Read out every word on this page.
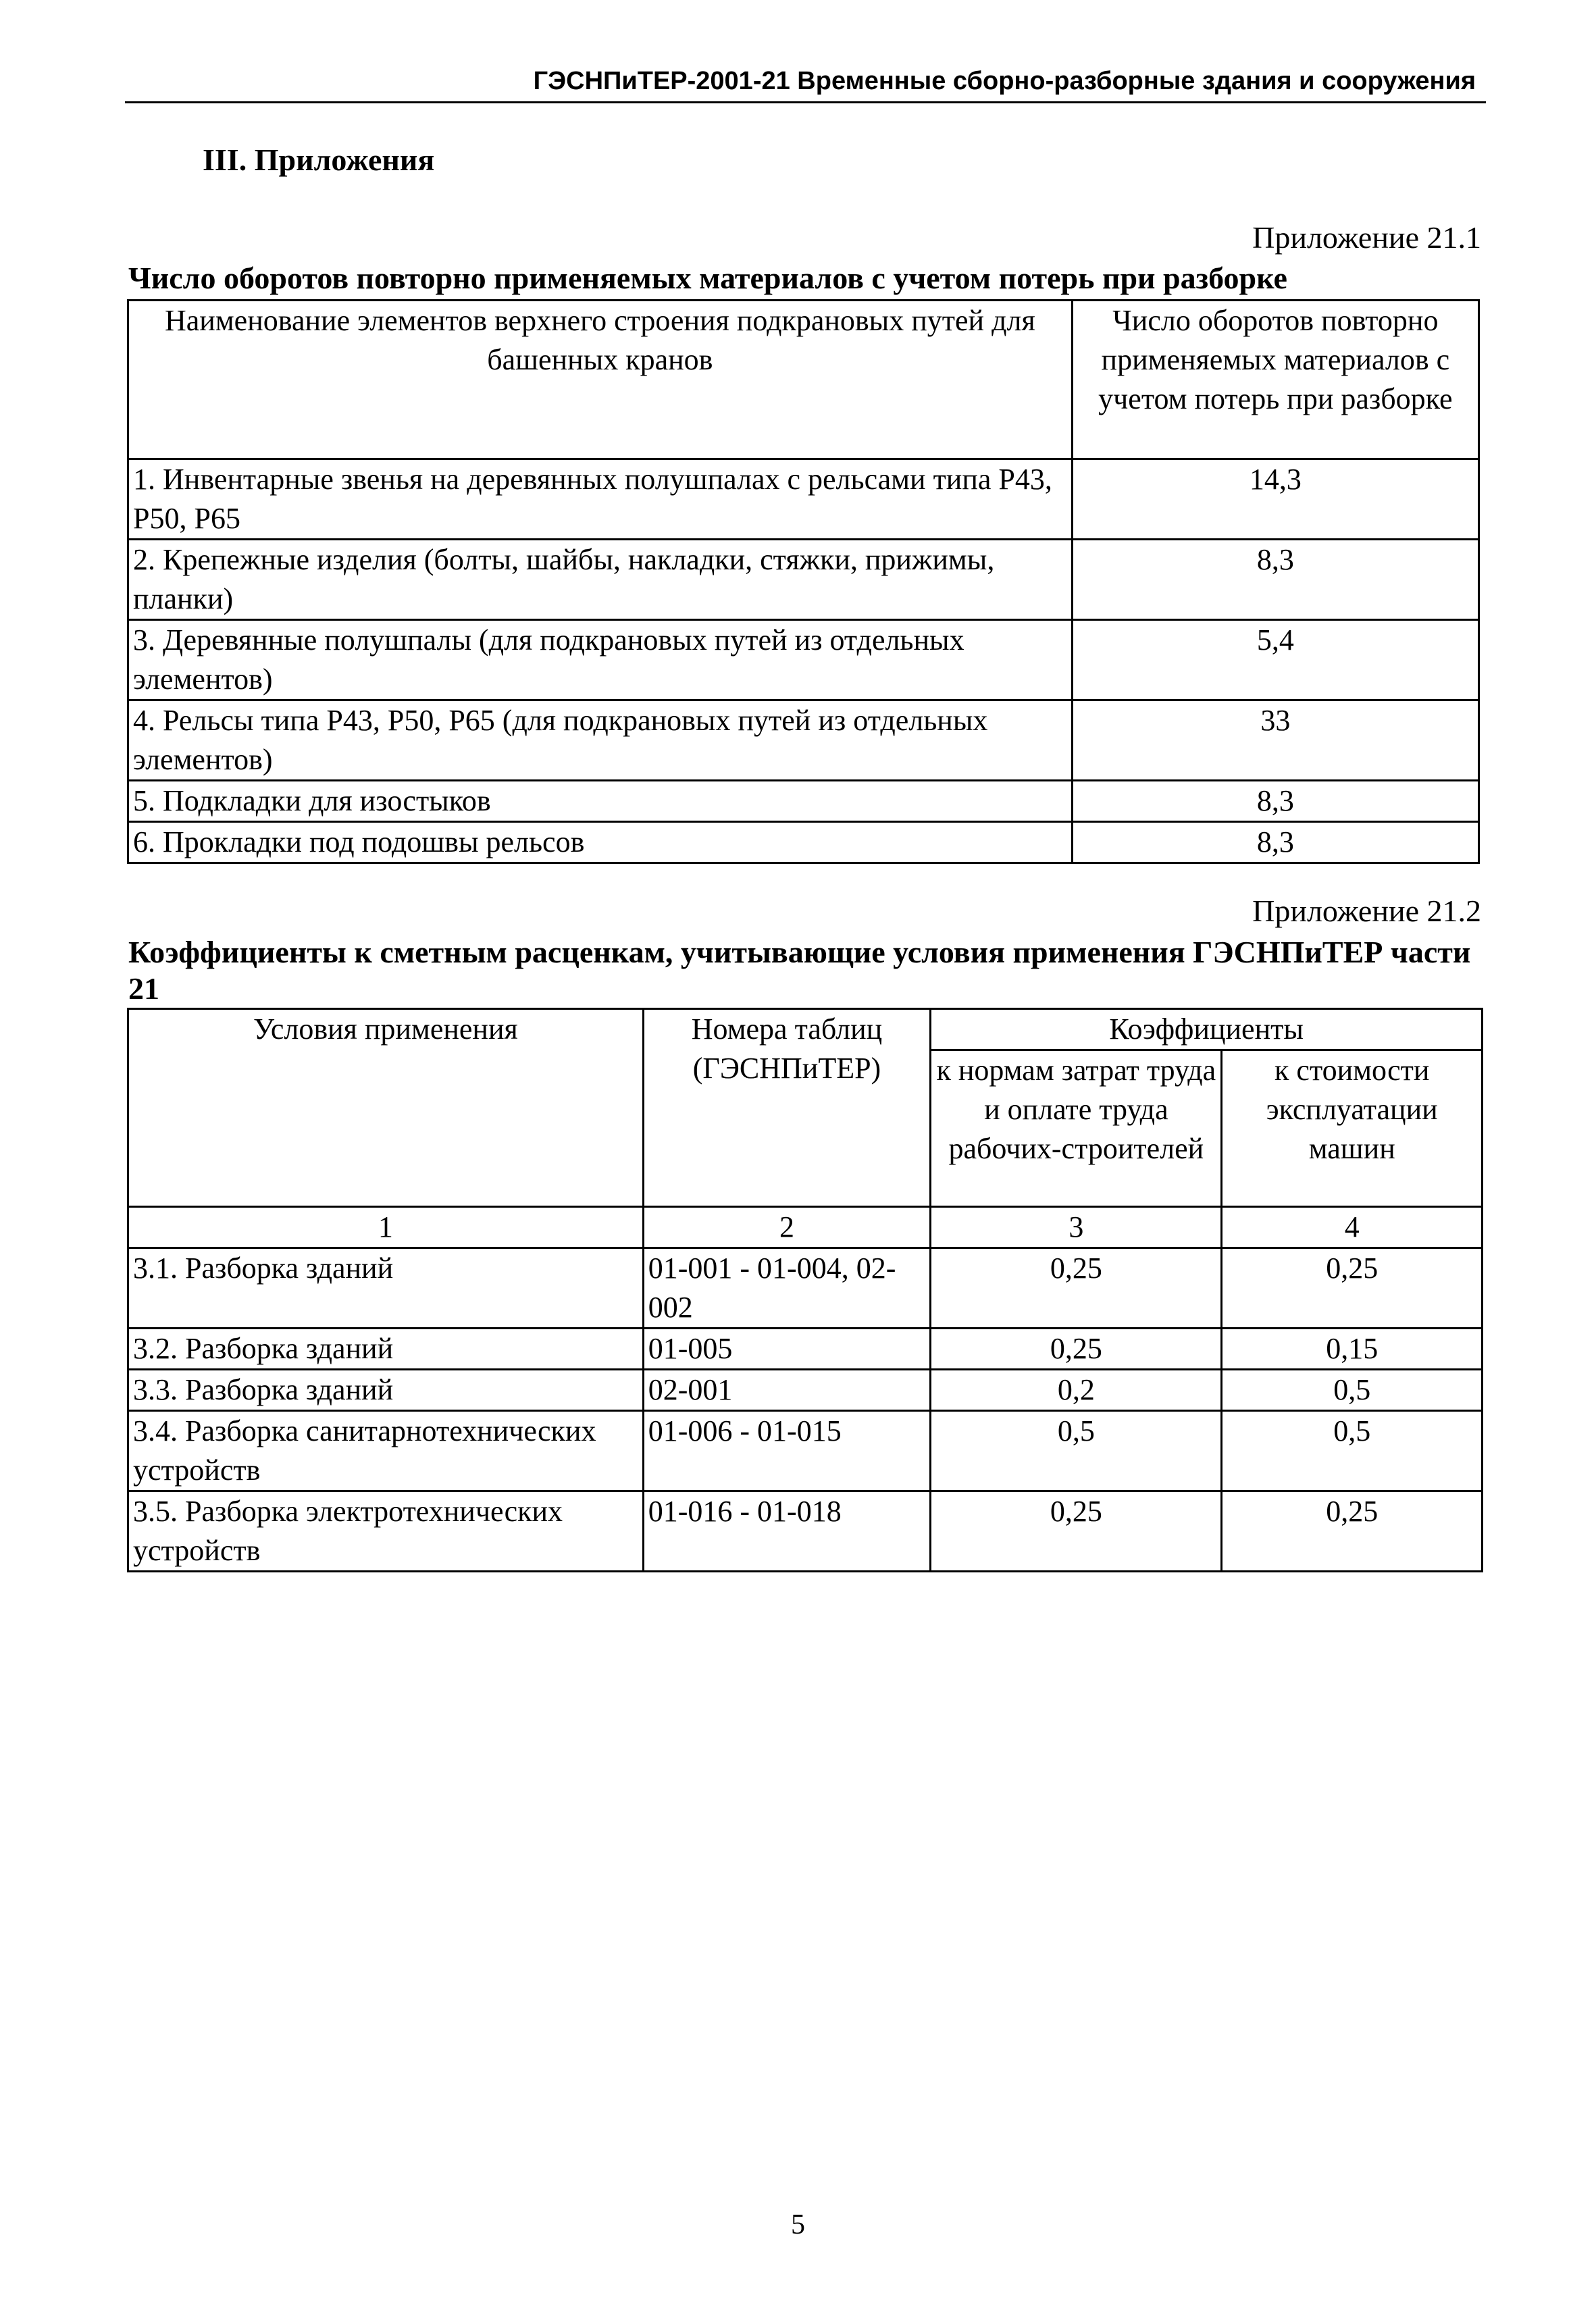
ГЭСНПиТЕР-2001-21 Временные сборно-разборные здания и сооружения
III. Приложения
Приложение 21.1
Число оборотов повторно применяемых материалов с учетом потерь при разборке
Наименование элементов верхнего строения подкрановых путей для башенных кранов	Число оборотов повторно применяемых материалов с учетом потерь при разборке
1. Инвентарные звенья на деревянных полушпалах с рельсами типа Р43, Р50, Р65	14,3
2. Крепежные изделия (болты, шайбы, накладки, стяжки, прижимы, планки)	8,3
3. Деревянные полушпалы (для подкрановых путей из отдельных элементов)	5,4
4. Рельсы типа Р43, Р50, Р65 (для подкрановых путей из отдельных элементов)	33
5. Подкладки для изостыков	8,3
6. Прокладки под подошвы рельсов	8,3
Приложение 21.2
Коэффициенты к сметным расценкам, учитывающие условия применения ГЭСНПиТЕР части 21
Условия применения	Номера таблиц (ГЭСНПиТЕР)	Коэффициенты	
		к нормам затрат труда и оплате труда рабочих-строителей	к стоимости эксплуатации машин
1	2	3	4
3.1. Разборка зданий	01-001 - 01-004, 02-002	0,25	0,25
3.2. Разборка зданий	01-005	0,25	0,15
3.3. Разборка зданий	02-001	0,2	0,5
3.4. Разборка санитарнотехнических устройств	01-006 - 01-015	0,5	0,5
3.5. Разборка электротехнических устройств	01-016 - 01-018	0,25	0,25
5
